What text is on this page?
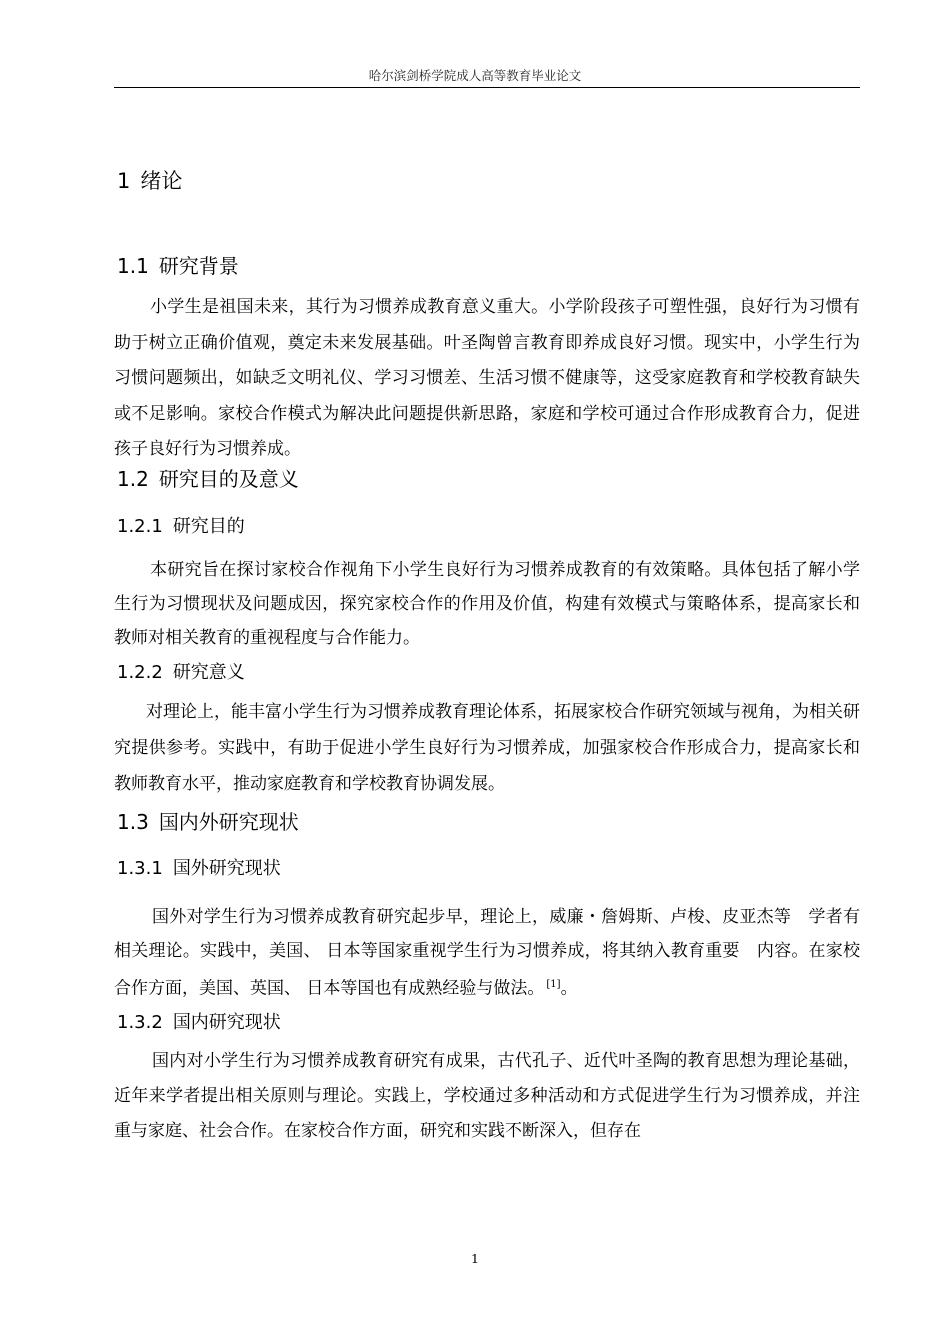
哈尔滨剑桥学院成人高等教育毕业论文
1 绪论
1.1 研究背景

小学生是祖国未来，其行为习惯养成教育意义重大。小学阶段孩子可塑性强，良好行为习惯有助于树立正确价值观，奠定未来发展基础。叶圣陶曾言教育即养成良好习惯。现实中，小学生行为习惯问题频出，如缺乏文明礼仪、学习习惯差、生活习惯不健康等，这受家庭教育和学校教育缺失或不足影响。家校合作模式为解决此问题提供新思路，家庭和学校可通过合作形成教育合力，促进孩子良好行为习惯养成。

1.2 研究目的及意义
1.2.1 研究目的

本研究旨在探讨家校合作视角下小学生良好行为习惯养成教育的有效策略。具体包括了解小学生行为习惯现状及问题成因，探究家校合作的作用及价值，构建有效模式与策略体系，提高家长和教师对相关教育的重视程度与合作能力。

1.2.2 研究意义

对理论上，能丰富小学生行为习惯养成教育理论体系，拓展家校合作研究领域与视角，为相关研究提供参考。实践中，有助于促进小学生良好行为习惯养成，加强家校合作形成合力，提高家长和教师教育水平，推动家庭教育和学校教育协调发展。

1.3 国内外研究现状
1.3.1 国外研究现状

国外对学生行为习惯养成教育研究起步早，理论上，威廉・詹姆斯、卢梭、皮亚杰等　学者有相关理论。实践中，美国、 日本等国家重视学生行为习惯养成，将其纳入教育重要　内容。在家校合作方面，美国、英国、 日本等国也有成熟经验与做法。 [1]。

1.3.2 国内研究现状

国内对小学生行为习惯养成教育研究有成果，古代孔子、近代叶圣陶的教育思想为理论基础，近年来学者提出相关原则与理论。实践上，学校通过多种活动和方式促进学生行为习惯养成，并注重与家庭、社会合作。在家校合作方面，研究和实践不断深入，但存在

1
